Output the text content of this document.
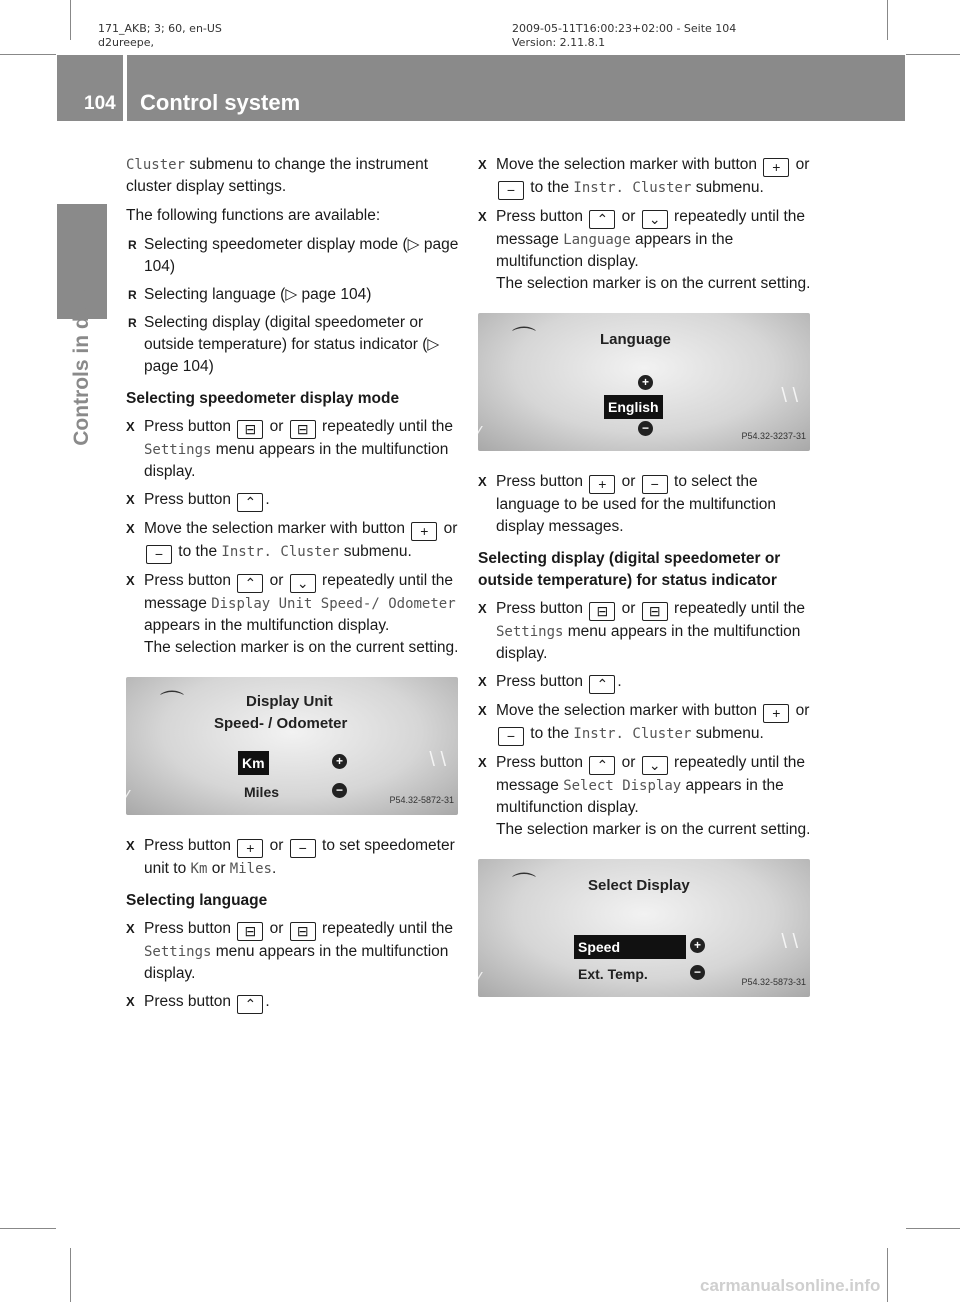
171_AKB; 3; 60, en-US
d2ureepe,
2009-05-11T16:00:23+02:00 - Seite 104
Version: 2.11.8.1
104 Control system
Controls in detail

Cluster submenu to change the instrument cluster display settings.

The following functions are available:

R Selecting speedometer display mode (▷ page 104)
R Selecting language (▷ page 104)
R Selecting display (digital speedometer or outside temperature) for status indicator (▷ page 104)
Selecting speedometer display mode
X Press button ⊟ or ⊟ repeatedly until the Settings menu appears in the multifunction display.
X Press button ⌃ .
X Move the selection marker with button + or − to the Instr. Cluster submenu.
X Press button ⌃ or ⌄ repeatedly until the message Display Unit Speed-/ Odometer appears in the multifunction display.
The selection marker is on the current setting.
⌒	Display Unit
Speed- / Odometer
Km	+
Miles	−
⁄ ⁄
\ \
P54.32-5872-31
X Press button + or − to set speedometer unit to Km or Miles.
Selecting language
X Press button ⊟ or ⊟ repeatedly until the Settings menu appears in the multifunction display.
X Press button ⌃ .
X Move the selection marker with button + or − to the Instr. Cluster submenu.
X Press button ⌃ or ⌄ repeatedly until the message Language appears in the multifunction display.
The selection marker is on the current setting.
⌒	Language
+
English
−
⁄ ⁄
\ \
P54.32-3237-31
X Press button + or − to select the language to be used for the multifunction display messages.
Selecting display (digital speedometer or outside temperature) for status indicator
X Press button ⊟ or ⊟ repeatedly until the Settings menu appears in the multifunction display.
X Press button ⌃ .
X Move the selection marker with button + or − to the Instr. Cluster submenu.
X Press button ⌃ or ⌄ repeatedly until the message Select Display appears in the multifunction display.
The selection marker is on the current setting.
⌒	Select Display
Speed	+
Ext. Temp.	−
⁄ ⁄
\ \
P54.32-5873-31
carmanualsonline.info
